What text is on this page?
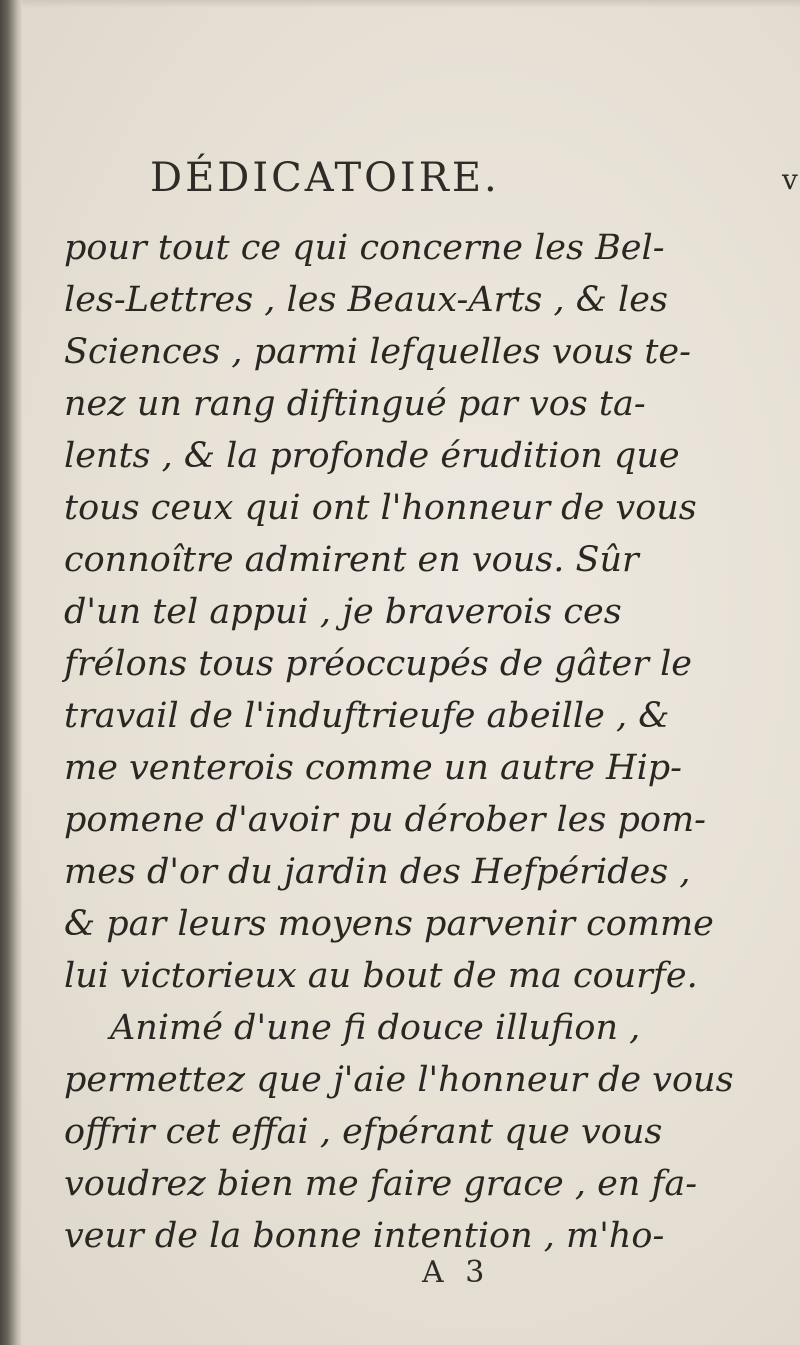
DÉDICATOIRE.	v
pour tout ce qui concerne les Bel-
les-Lettres , les Beaux-Arts , & les
Sciences , parmi lefquelles vous te-
nez un rang diftingué par vos ta-
lents , & la profonde érudition que
tous ceux qui ont l'honneur de vous
connoître admirent en vous. Sûr
d'un tel appui , je braverois ces
frélons tous préoccupés de gâter le
travail de l'induftrieufe abeille , &
me venterois comme un autre Hip-
pomene d'avoir pu dérober les pom-
mes d'or du jardin des Hefpérides ,
& par leurs moyens parvenir comme
lui victorieux au bout de ma courfe.
Animé d'une fi douce illufion ,
permettez que j'aie l'honneur de vous
offrir cet effai , efpérant que vous
voudrez bien me faire grace , en fa-
veur de la bonne intention , m'ho-
A 3
